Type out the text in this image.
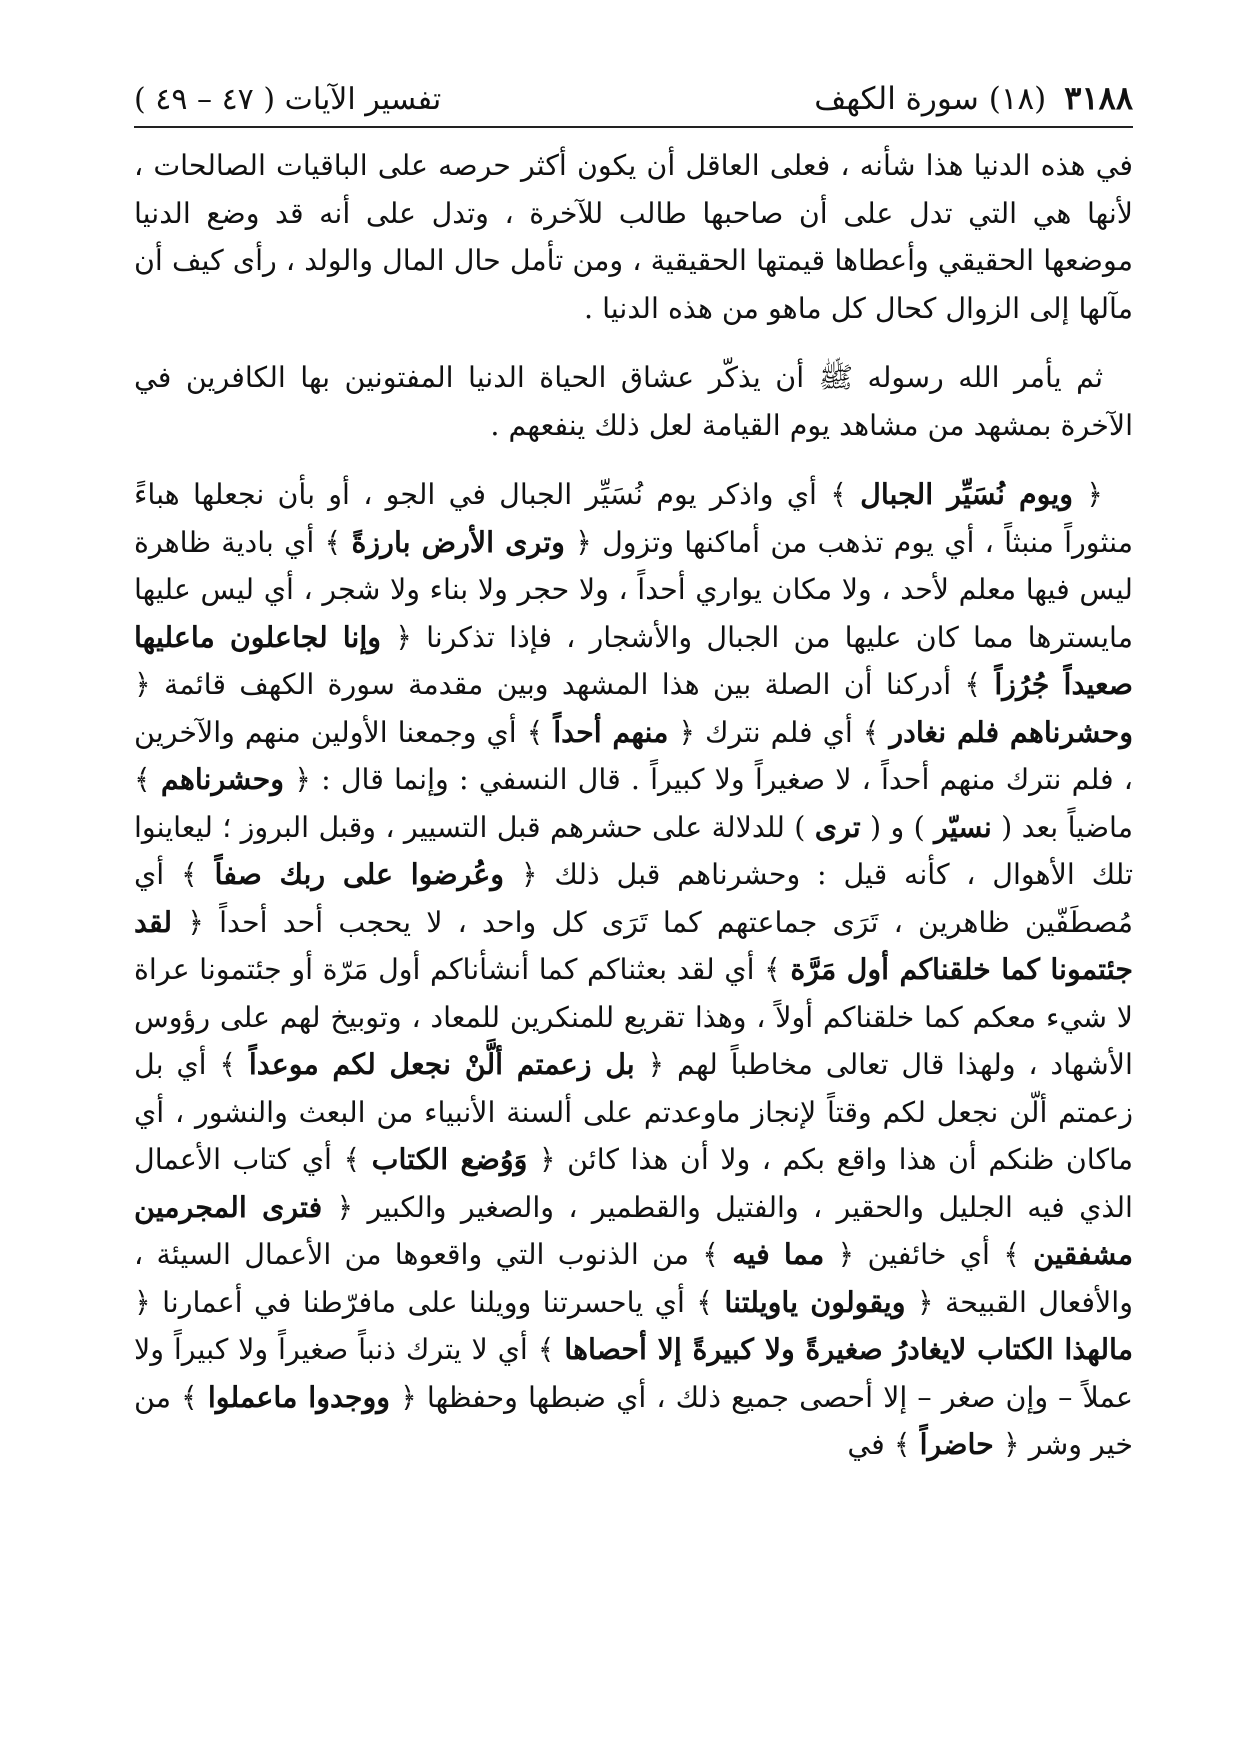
٣١٨٨
(١٨) سورة الكهف
تفسير الآيات ( ٤٧ – ٤٩ )

في هذه الدنيا هذا شأنه ، فعلى العاقل أن يكون أكثر حرصه على الباقيات الصالحات ، لأنها هي التي تدل على أن صاحبها طالب للآخرة ، وتدل على أنه قد وضع الدنيا موضعها الحقيقي وأعطاها قيمتها الحقيقية ، ومن تأمل حال المال والولد ، رأى كيف أن مآلها إلى الزوال كحال كل ماهو من هذه الدنيا .

ثم يأمر الله رسوله ﷺ أن يذكّر عشاق الحياة الدنيا المفتونين بها الكافرين في الآخرة بمشهد من مشاهد يوم القيامة لعل ذلك ينفعهم .

﴿ ويوم نُسَيِّر الجبال ﴾ أي واذكر يوم نُسَيِّر الجبال في الجو ، أو بأن نجعلها هباءً منثوراً منبثاً ، أي يوم تذهب من أماكنها وتزول ﴿ وترى الأرض بارزةً ﴾ أي بادية ظاهرة ليس فيها معلم لأحد ، ولا مكان يواري أحداً ، ولا حجر ولا بناء ولا شجر ، أي ليس عليها مايسترها مما كان عليها من الجبال والأشجار ، فإذا تذكرنا ﴿ وإنا لجاعلون ماعليها صعيداً جُرُزاً ﴾ أدركنا أن الصلة بين هذا المشهد وبين مقدمة سورة الكهف قائمة ﴿ وحشرناهم فلم نغادر ﴾ أي فلم نترك ﴿ منهم أحداً ﴾ أي وجمعنا الأولين منهم والآخرين ، فلم نترك منهم أحداً ، لا صغيراً ولا كبيراً . قال النسفي : وإنما قال : ﴿ وحشرناهم ﴾ ماضياً بعد ( نسيّر ) و ( ترى ) للدلالة على حشرهم قبل التسيير ، وقبل البروز ؛ ليعاينوا تلك الأهوال ، كأنه قيل : وحشرناهم قبل ذلك ﴿ وعُرضوا على ربك صفاً ﴾ أي مُصطَفّين ظاهرين ، تَرَى جماعتهم كما تَرَى كل واحد ، لا يحجب أحد أحداً ﴿ لقد جئتمونا كما خلقناكم أول مَرَّة ﴾ أي لقد بعثناكم كما أنشأناكم أول مَرّة أو جئتمونا عراة لا شيء معكم كما خلقناكم أولاً ، وهذا تقريع للمنكرين للمعاد ، وتوبيخ لهم على رؤوس الأشهاد ، ولهذا قال تعالى مخاطباً لهم ﴿ بل زعمتم ألَّنْ نجعل لكم موعداً ﴾ أي بل زعمتم ألّن نجعل لكم وقتاً لإنجاز ماوعدتم على ألسنة الأنبياء من البعث والنشور ، أي ماكان ظنكم أن هذا واقع بكم ، ولا أن هذا كائن ﴿ وَوُضع الكتاب ﴾ أي كتاب الأعمال الذي فيه الجليل والحقير ، والفتيل والقطمير ، والصغير والكبير ﴿ فترى المجرمين مشفقين ﴾ أي خائفين ﴿ مما فيه ﴾ من الذنوب التي واقعوها من الأعمال السيئة ، والأفعال القبيحة ﴿ ويقولون ياويلتنا ﴾ أي ياحسرتنا وويلنا على مافرّطنا في أعمارنا ﴿ مالهذا الكتاب لايغادرُ صغيرةً ولا كبيرةً إلا أحصاها ﴾ أي لا يترك ذنباً صغيراً ولا كبيراً ولا عملاً – وإن صغر – إلا أحصى جميع ذلك ، أي ضبطها وحفظها ﴿ ووجدوا ماعملوا ﴾ من خير وشر ﴿ حاضراً ﴾ في
